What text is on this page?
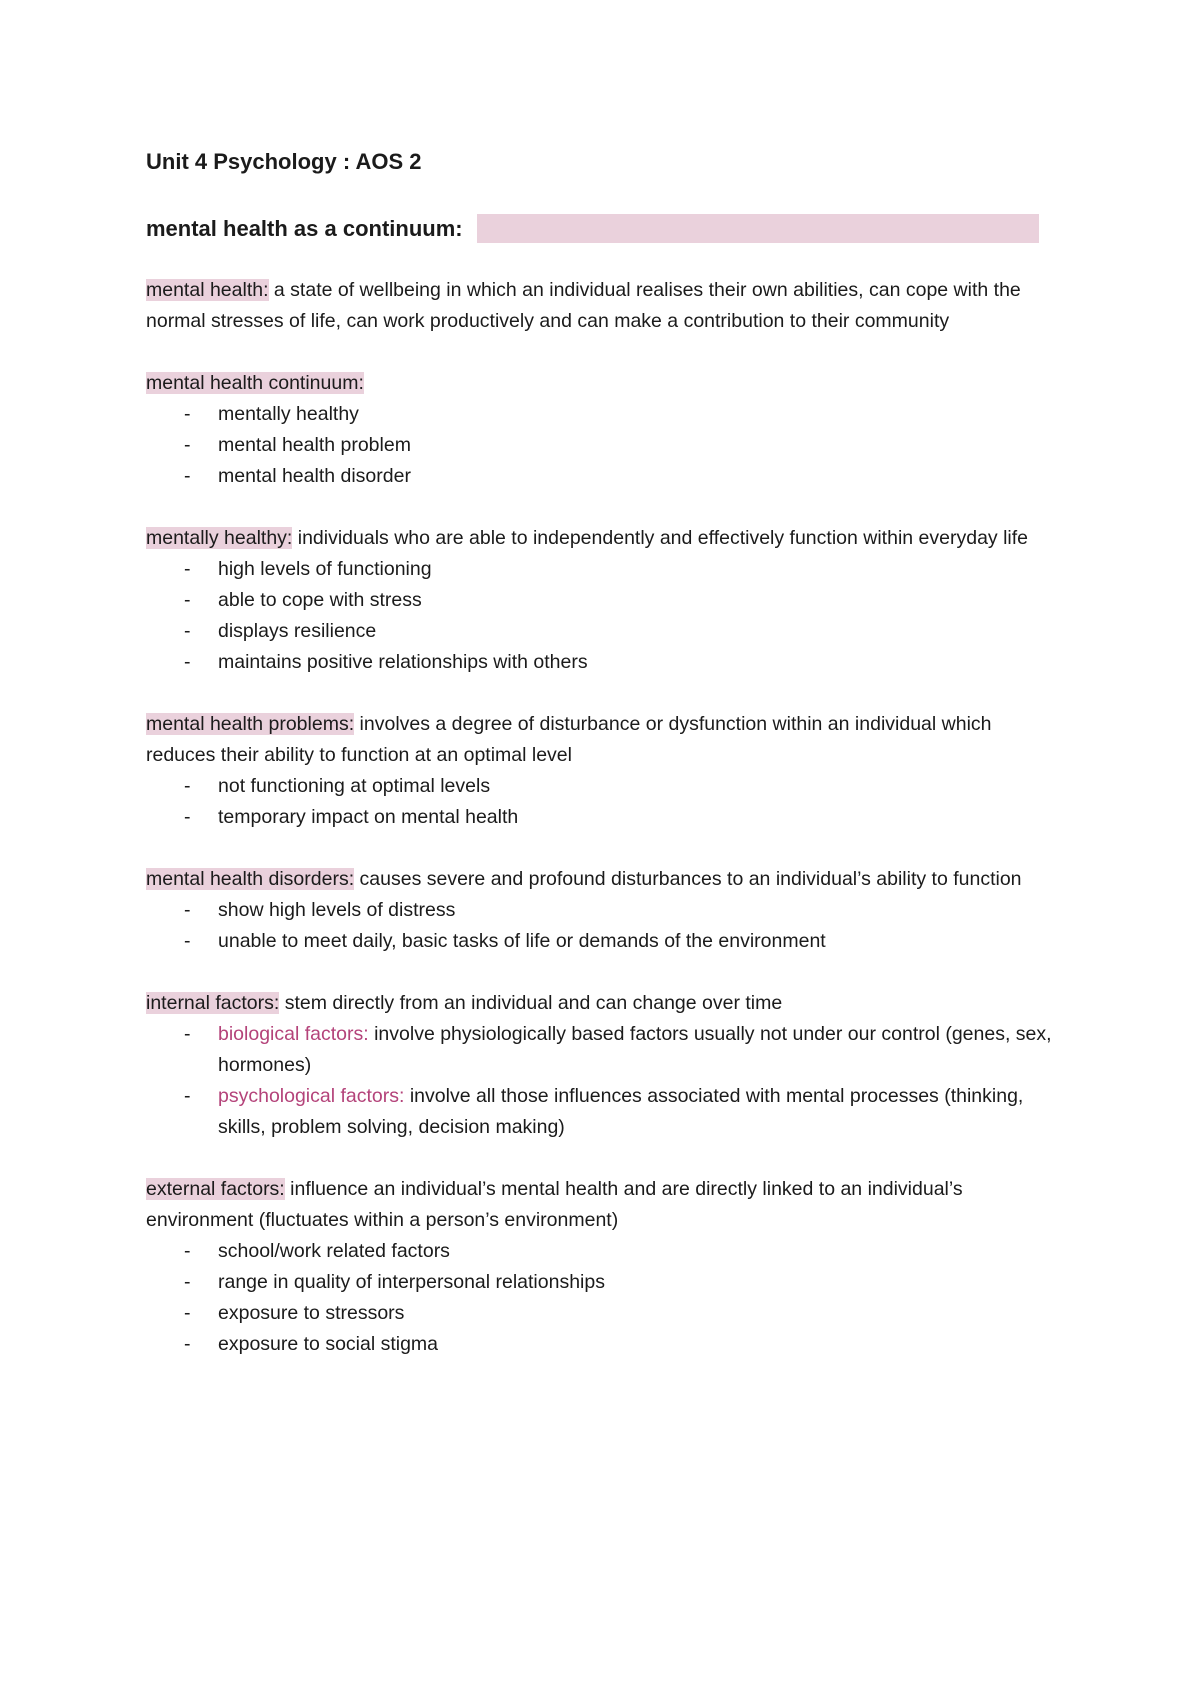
Unit 4 Psychology : AOS 2
mental health as a continuum:

mental health: a state of wellbeing in which an individual realises their own abilities, can cope with the normal stresses of life, can work productively and can make a contribution to their community

mental health continuum:

- mentally healthy
- mental health problem
- mental health disorder

mentally healthy: individuals who are able to independently and effectively function within everyday life

- high levels of functioning
- able to cope with stress
- displays resilience
- maintains positive relationships with others

mental health problems: involves a degree of disturbance or dysfunction within an individual which reduces their ability to function at an optimal level

- not functioning at optimal levels
- temporary impact on mental health

mental health disorders: causes severe and profound disturbances to an individual’s ability to function

- show high levels of distress
- unable to meet daily, basic tasks of life or demands of the environment

internal factors: stem directly from an individual and can change over time

- biological factors: involve physiologically based factors usually not under our control (genes, sex, hormones)
- psychological factors: involve all those influences associated with mental processes (thinking, skills, problem solving, decision making)

external factors: influence an individual’s mental health and are directly linked to an individual’s environment (fluctuates within a person’s environment)

- school/work related factors
- range in quality of interpersonal relationships
- exposure to stressors
- exposure to social stigma
